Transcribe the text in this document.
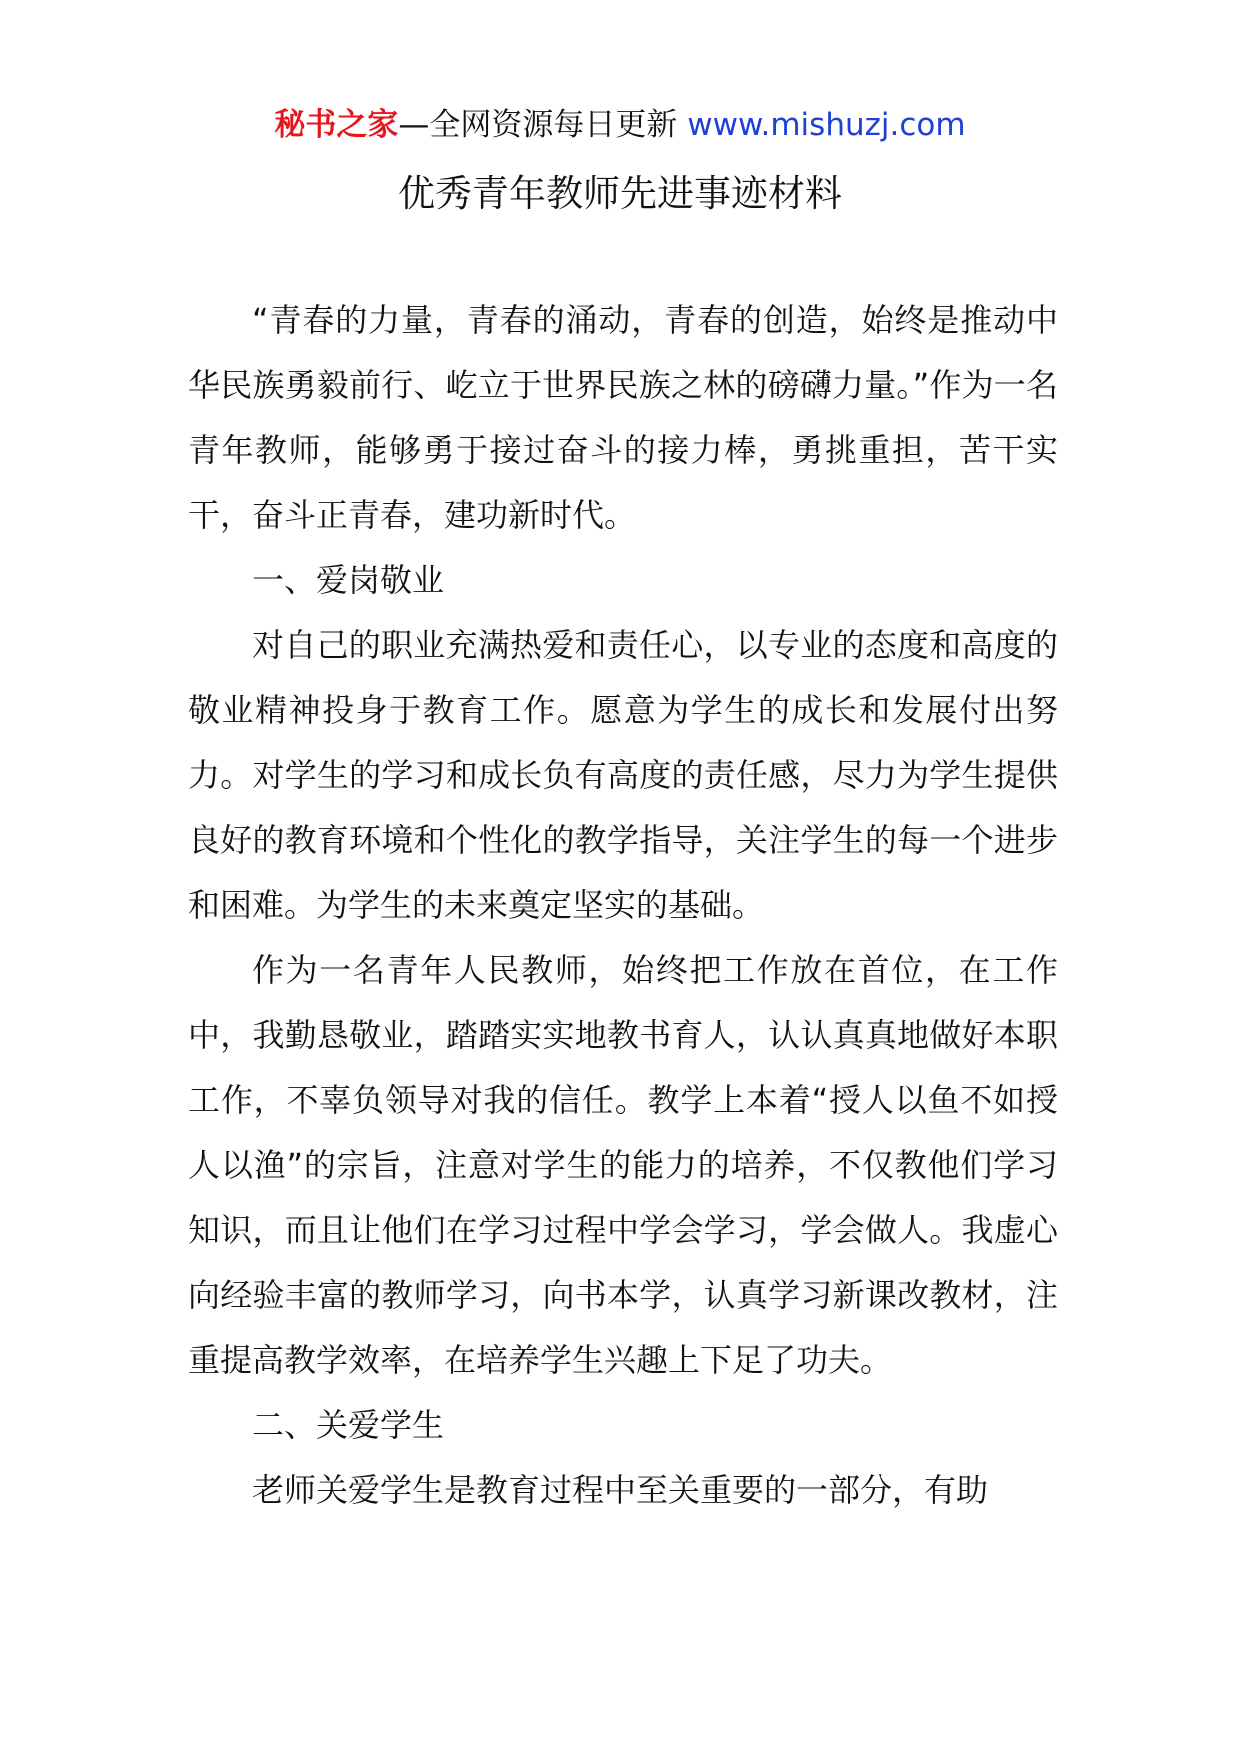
秘书之家—全网资源每日更新 www.mishuzj.com
优秀青年教师先进事迹材料

“青春的力量，青春的涌动，青春的创造，始终是推动中华民族勇毅前行、屹立于世界民族之林的磅礴力量。”作为一名青年教师，能够勇于接过奋斗的接力棒，勇挑重担，苦干实干，奋斗正青春，建功新时代。

一、爱岗敬业

对自己的职业充满热爱和责任心，以专业的态度和高度的敬业精神投身于教育工作。愿意为学生的成长和发展付出努力。对学生的学习和成长负有高度的责任感，尽力为学生提供良好的教育环境和个性化的教学指导，关注学生的每一个进步和困难。为学生的未来奠定坚实的基础。

作为一名青年人民教师，始终把工作放在首位，在工作中，我勤恳敬业，踏踏实实地教书育人，认认真真地做好本职工作，不辜负领导对我的信任。教学上本着“授人以鱼不如授人以渔”的宗旨，注意对学生的能力的培养，不仅教他们学习知识，而且让他们在学习过程中学会学习，学会做人。我虚心向经验丰富的教师学习，向书本学，认真学习新课改教材，注重提高教学效率，在培养学生兴趣上下足了功夫。

二、关爱学生

老师关爱学生是教育过程中至关重要的一部分，有助
